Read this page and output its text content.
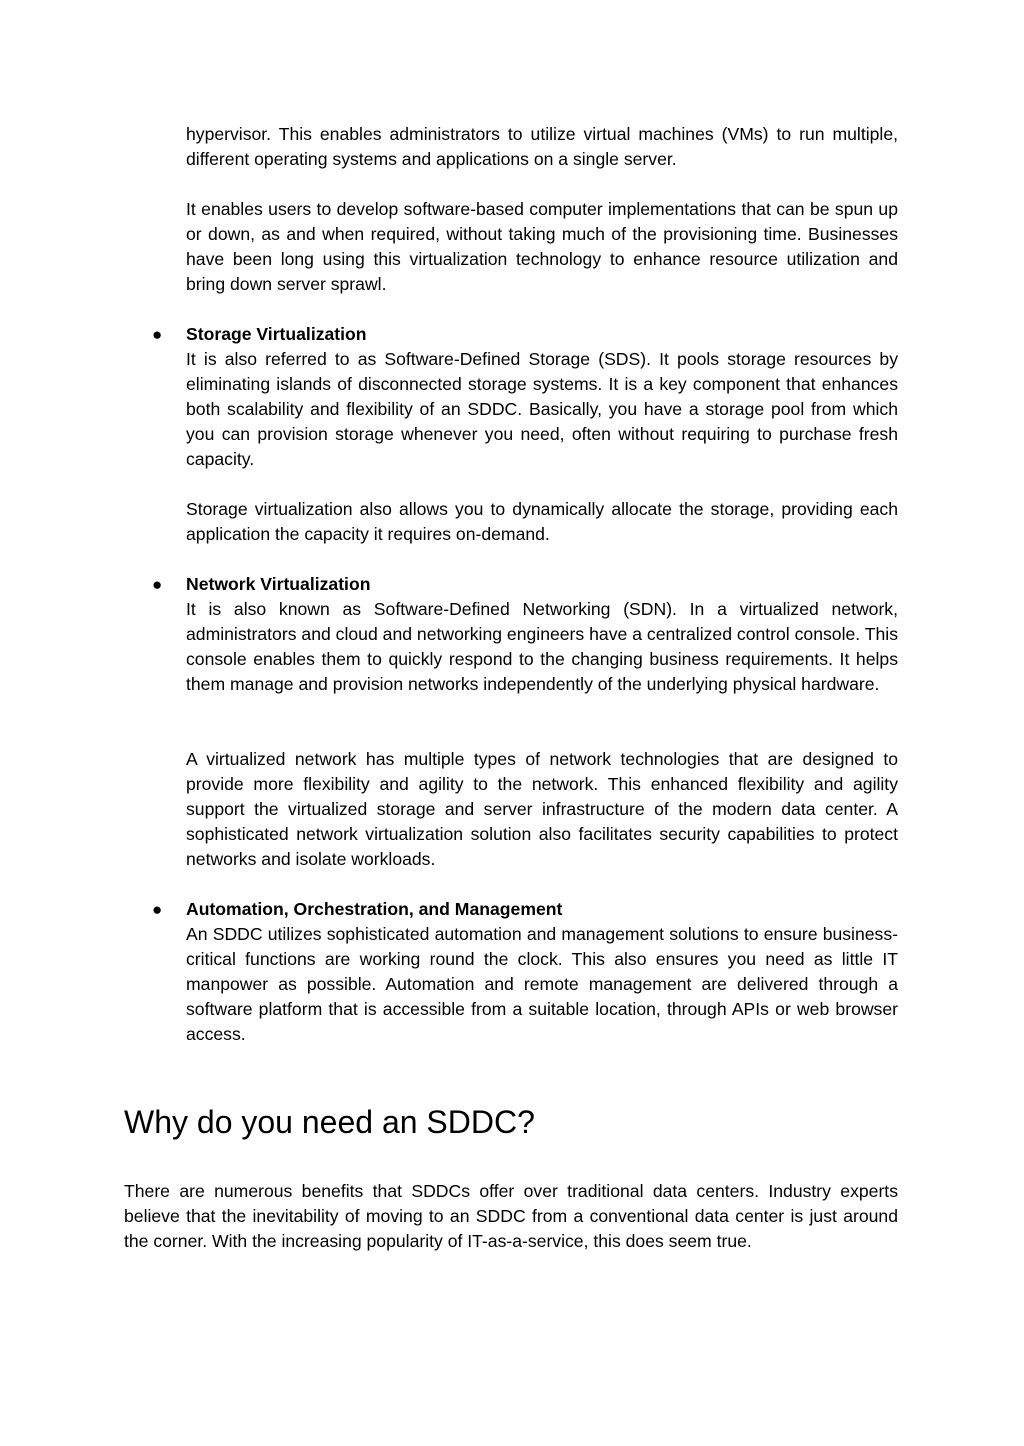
hypervisor. This enables administrators to utilize virtual machines (VMs) to run multiple, different operating systems and applications on a single server.

It enables users to develop software-based computer implementations that can be spun up or down, as and when required, without taking much of the provisioning time. Businesses have been long using this virtualization technology to enhance resource utilization and bring down server sprawl.

● Storage Virtualization

It is also referred to as Software-Defined Storage (SDS). It pools storage resources by eliminating islands of disconnected storage systems. It is a key component that enhances both scalability and flexibility of an SDDC. Basically, you have a storage pool from which you can provision storage whenever you need, often without requiring to purchase fresh capacity.

Storage virtualization also allows you to dynamically allocate the storage, providing each application the capacity it requires on-demand.

● Network Virtualization

It is also known as Software-Defined Networking (SDN). In a virtualized network, administrators and cloud and networking engineers have a centralized control console. This console enables them to quickly respond to the changing business requirements. It helps them manage and provision networks independently of the underlying physical hardware.

A virtualized network has multiple types of network technologies that are designed to provide more flexibility and agility to the network. This enhanced flexibility and agility support the virtualized storage and server infrastructure of the modern data center. A sophisticated network virtualization solution also facilitates security capabilities to protect networks and isolate workloads.

● Automation, Orchestration, and Management

An SDDC utilizes sophisticated automation and management solutions to ensure business-critical functions are working round the clock. This also ensures you need as little IT manpower as possible. Automation and remote management are delivered through a software platform that is accessible from a suitable location, through APIs or web browser access.

Why do you need an SDDC?

There are numerous benefits that SDDCs offer over traditional data centers. Industry experts believe that the inevitability of moving to an SDDC from a conventional data center is just around the corner. With the increasing popularity of IT-as-a-service, this does seem true.
